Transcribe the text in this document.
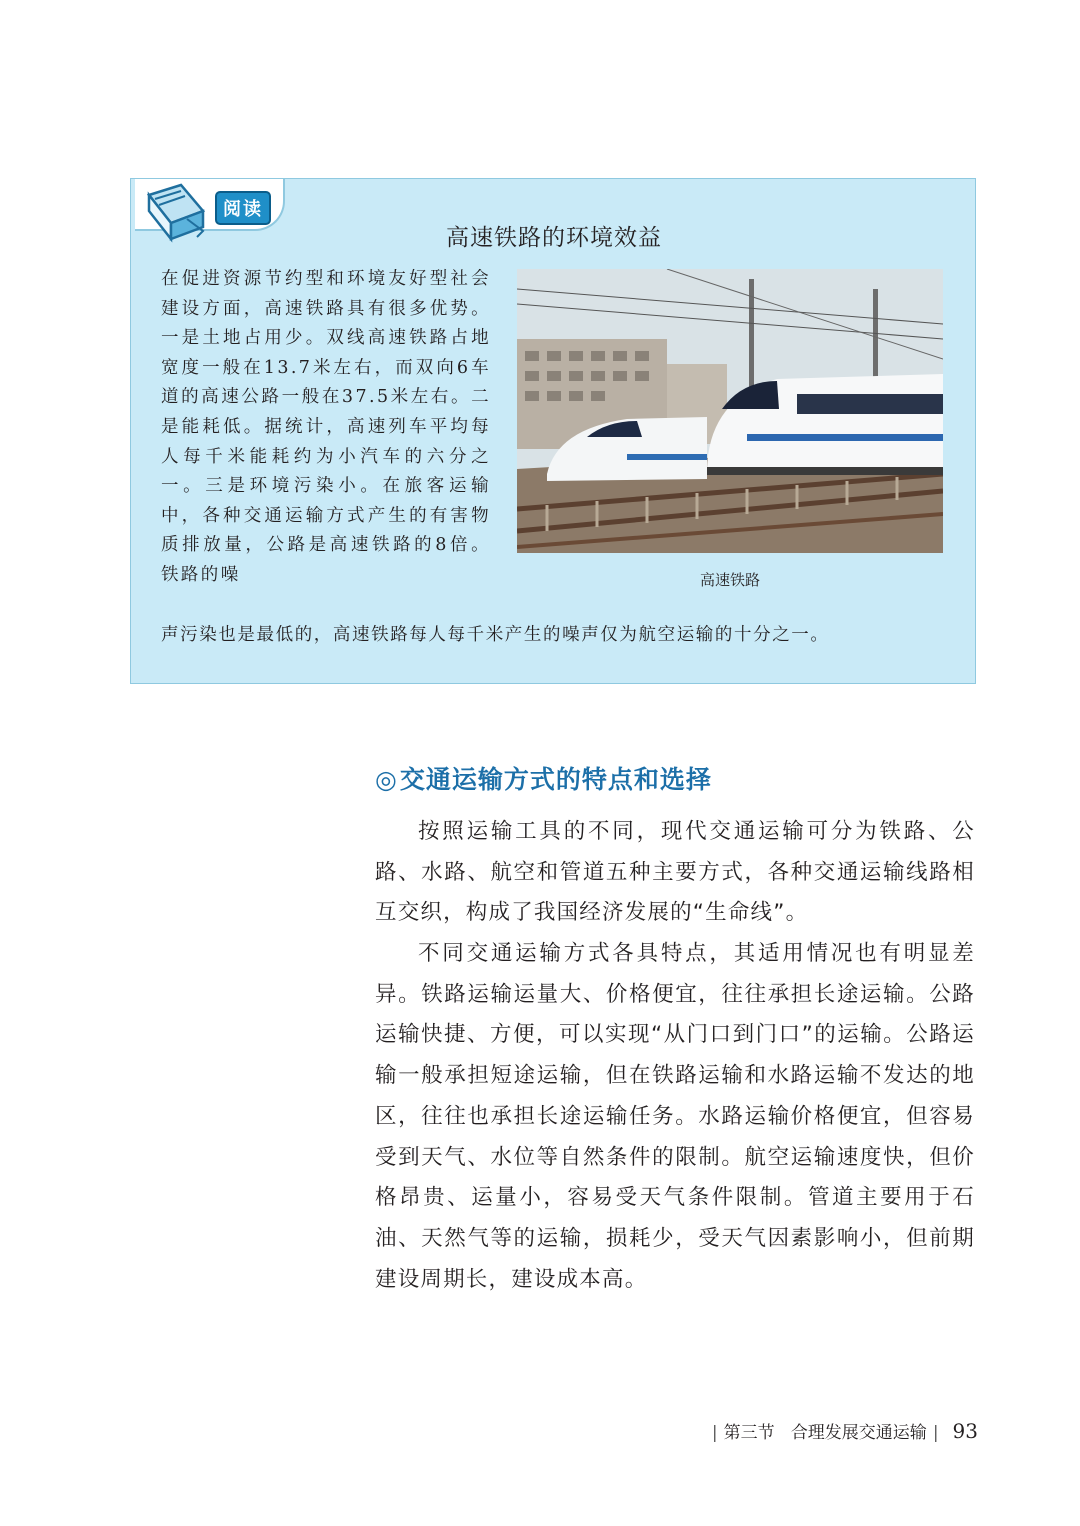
阅读
高速铁路的环境效益

在促进资源节约型和环境友好型社会建设方面，高速铁路具有很多优势。一是土地占用少。双线高速铁路占地宽度一般在13.7米左右，而双向6车道的高速公路一般在37.5米左右。二是能耗低。据统计，高速列车平均每人每千米能耗约为小汽车的六分之一。三是环境污染小。在旅客运输中，各种交通运输方式产生的有害物质排放量，公路是高速铁路的8倍。铁路的噪	高速铁路

声污染也是最低的，高速铁路每人每千米产生的噪声仅为航空运输的十分之一。

◎交通运输方式的特点和选择

按照运输工具的不同，现代交通运输可分为铁路、公路、水路、航空和管道五种主要方式，各种交通运输线路相互交织，构成了我国经济发展的“生命线”。

不同交通运输方式各具特点，其适用情况也有明显差异。铁路运输运量大、价格便宜，往往承担长途运输。公路运输快捷、方便，可以实现“从门口到门口”的运输。公路运输一般承担短途运输，但在铁路运输和水路运输不发达的地区，往往也承担长途运输任务。水路运输价格便宜，但容易受到天气、水位等自然条件的限制。航空运输速度快，但价格昂贵、运量小，容易受天气条件限制。管道主要用于石油、天然气等的运输，损耗少，受天气因素影响小，但前期建设周期长，建设成本高。

| 第三节 合理发展交通运输 | 93
